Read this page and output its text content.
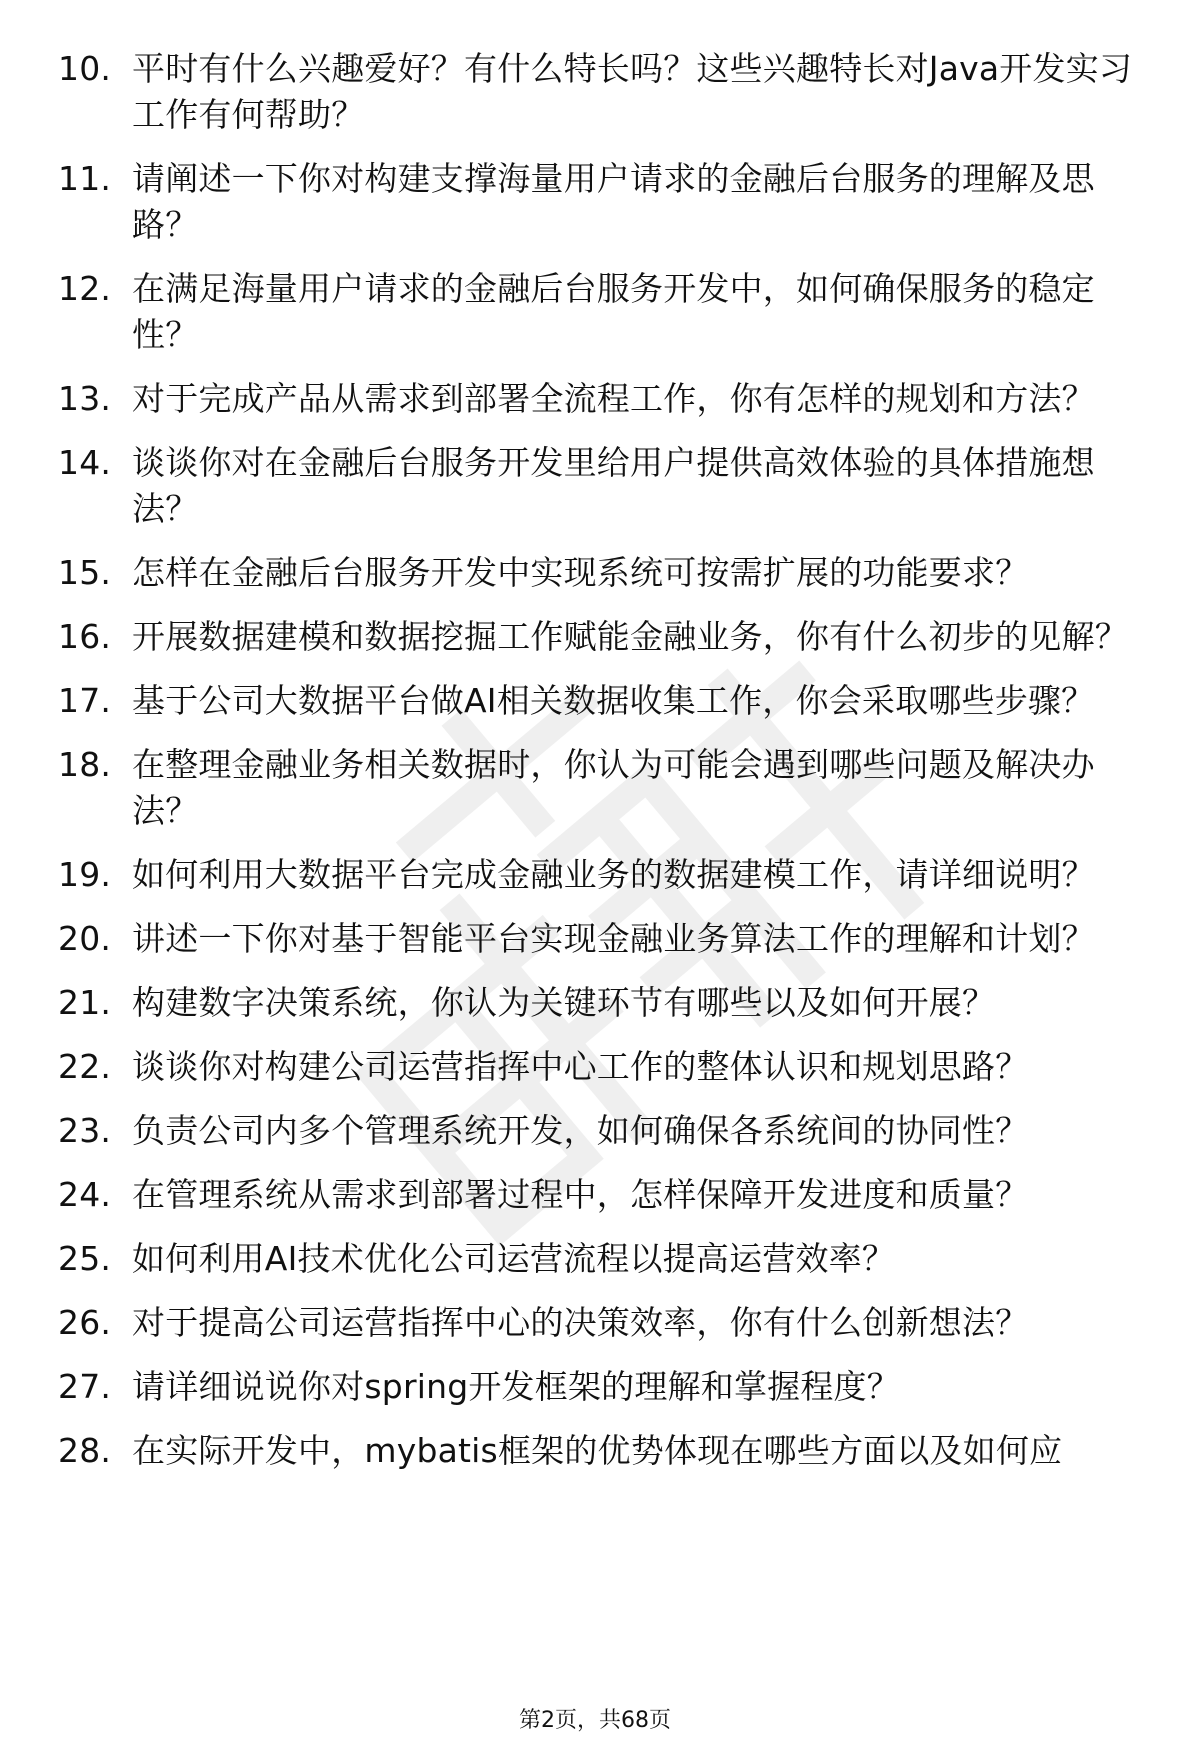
10. 平时有什么兴趣爱好？有什么特长吗？这些兴趣特长对Java开发实习工作有何帮助？
11. 请阐述一下你对构建支撑海量用户请求的金融后台服务的理解及思路？
12. 在满足海量用户请求的金融后台服务开发中，如何确保服务的稳定性？
13. 对于完成产品从需求到部署全流程工作，你有怎样的规划和方法？
14. 谈谈你对在金融后台服务开发里给用户提供高效体验的具体措施想法？
15. 怎样在金融后台服务开发中实现系统可按需扩展的功能要求？
16. 开展数据建模和数据挖掘工作赋能金融业务，你有什么初步的见解？
17. 基于公司大数据平台做AI相关数据收集工作，你会采取哪些步骤？
18. 在整理金融业务相关数据时，你认为可能会遇到哪些问题及解决办法？
19. 如何利用大数据平台完成金融业务的数据建模工作，请详细说明？
20. 讲述一下你对基于智能平台实现金融业务算法工作的理解和计划？
21. 构建数字决策系统，你认为关键环节有哪些以及如何开展？
22. 谈谈你对构建公司运营指挥中心工作的整体认识和规划思路？
23. 负责公司内多个管理系统开发，如何确保各系统间的协同性？
24. 在管理系统从需求到部署过程中，怎样保障开发进度和质量？
25. 如何利用AI技术优化公司运营流程以提高运营效率？
26. 对于提高公司运营指挥中心的决策效率，你有什么创新想法？
27. 请详细说说你对spring开发框架的理解和掌握程度？
28. 在实际开发中，mybatis框架的优势体现在哪些方面以及如何应
第2页，共68页
